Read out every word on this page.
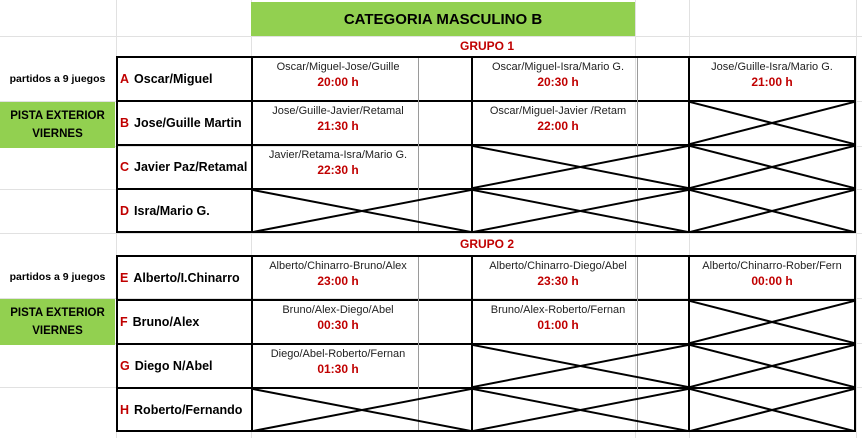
CATEGORIA MASCULINO B
GRUPO 1
partidos a 9 juegos
PISTA EXTERIOR
VIERNES
A Oscar/Miguel
B Jose/Guille Martin
C Javier Paz/Retamal
D Isra/Mario G.
Oscar/Miguel-Jose/Guille
20:00 h
Oscar/Miguel-Isra/Mario G.
20:30 h
Jose/Guille-Isra/Mario G.
21:00 h
Jose/Guille-Javier/Retamal
21:30 h
Oscar/Miguel-Javier /Retam
22:00 h
Javier/Retama-Isra/Mario G.
22:30 h
GRUPO 2
partidos a 9 juegos
PISTA EXTERIOR
VIERNES
E Alberto/I.Chinarro
F Bruno/Alex
G Diego N/Abel
H Roberto/Fernando
Alberto/Chinarro-Bruno/Alex
23:00 h
Alberto/Chinarro-Diego/Abel
23:30 h
Alberto/Chinarro-Rober/Fern
00:00 h
Bruno/Alex-Diego/Abel
00:30 h
Bruno/Alex-Roberto/Fernan
01:00 h
Diego/Abel-Roberto/Fernan
01:30 h
